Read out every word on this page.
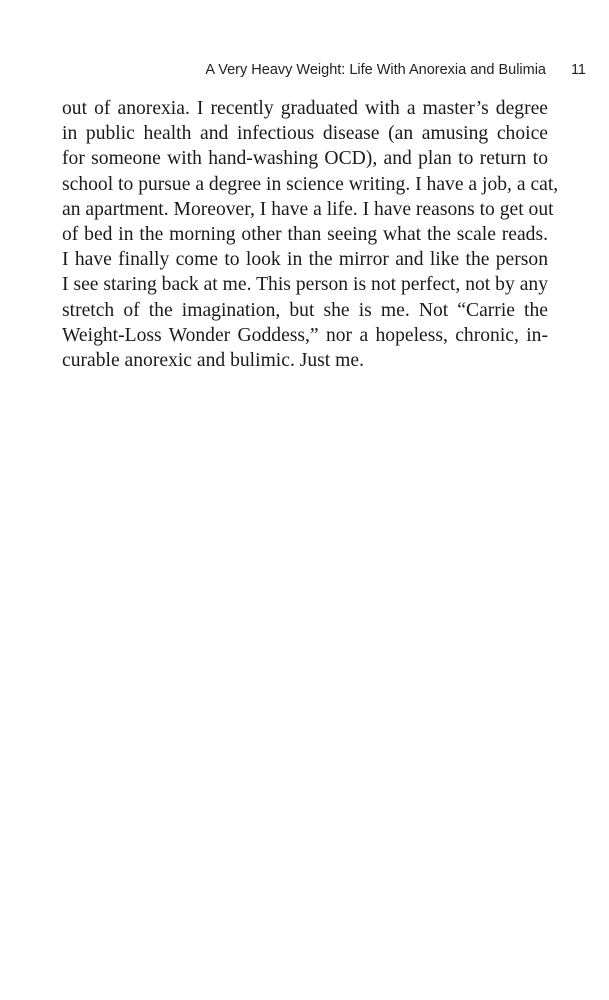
A Very Heavy Weight: Life With Anorexia and Bulimia 11
out of anorexia. I recently graduated with a master’s degree
in public health and infectious disease (an amusing choice
for someone with hand-washing OCD), and plan to return to
school to pursue a degree in science writing. I have a job, a cat,
an apartment. Moreover, I have a life. I have reasons to get out
of bed in the morning other than seeing what the scale reads.
I have finally come to look in the mirror and like the person
I see staring back at me. This person is not perfect, not by any
stretch of the imagination, but she is me. Not “Carrie the
Weight-Loss Wonder Goddess,” nor a hopeless, chronic, in-
curable anorexic and bulimic. Just me.
